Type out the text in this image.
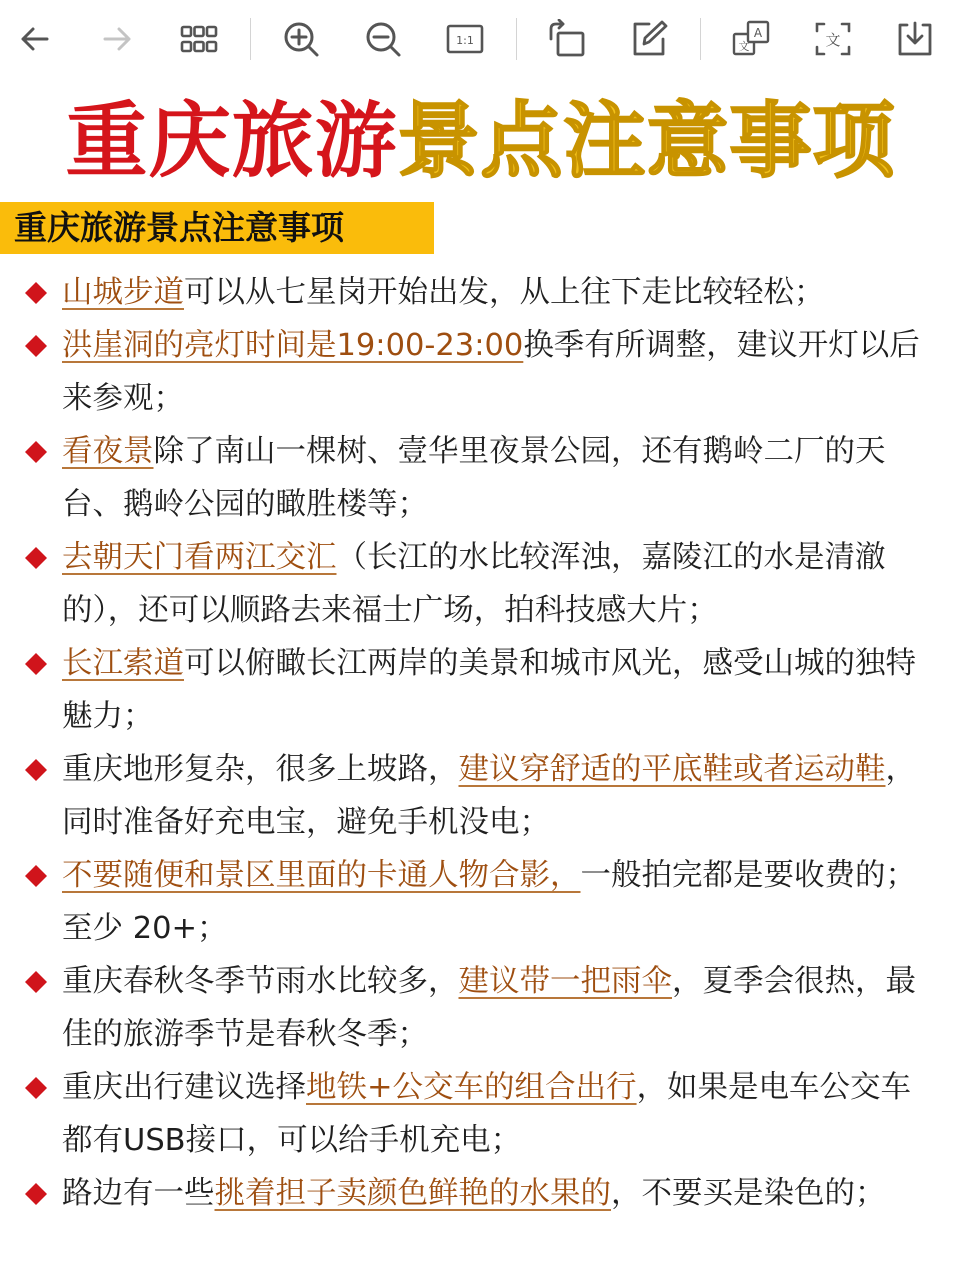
1:1	文
A	文
重庆旅游景点注意事项
重庆旅游景点注意事项
山城步道可以从七星岗开始出发，从上往下走比较轻松；
洪崖洞的亮灯时间是19:00-23:00换季有所调整，建议开灯以后来参观；
看夜景除了南山一棵树、壹华里夜景公园，还有鹅岭二厂的天台、鹅岭公园的瞰胜楼等；
去朝天门看两江交汇（长江的水比较浑浊，嘉陵江的水是清澈的），还可以顺路去来福士广场，拍科技感大片；
长江索道可以俯瞰长江两岸的美景和城市风光，感受山城的独特魅力；
重庆地形复杂，很多上坡路，建议穿舒适的平底鞋或者运动鞋，同时准备好充电宝，避免手机没电；
不要随便和景区里面的卡通人物合影，一般拍完都是要收费的；至少 20+；
重庆春秋冬季节雨水比较多，建议带一把雨伞，夏季会很热，最佳的旅游季节是春秋冬季；
重庆出行建议选择地铁+公交车的组合出行，如果是电车公交车都有USB接口，可以给手机充电；
路边有一些挑着担子卖颜色鲜艳的水果的，不要买是染色的；
